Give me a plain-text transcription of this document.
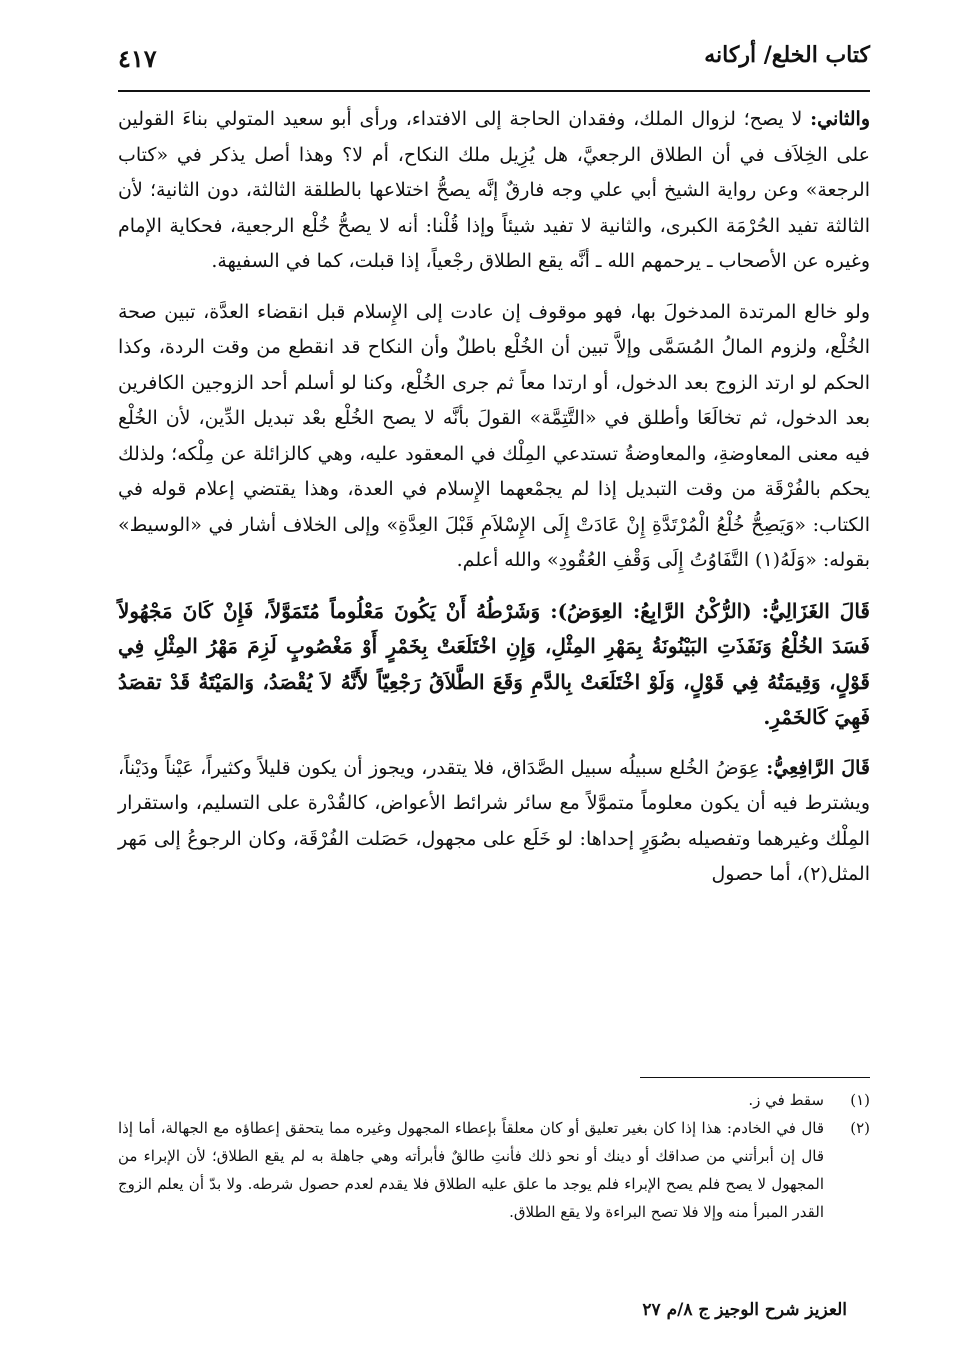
كتاب الخلع/ أركانه
٤١٧

والثاني: لا يصح؛ لزوال الملك، وفقدان الحاجة إلى الافتداء، ورأى أبو سعيد المتولي بناءَ القولين على الخِلاَف في أن الطلاق الرجعيَّ، هل يُزِيل ملك النكاح، أم لا؟ وهذا أصل يذكر في «كتاب الرجعة» وعن رواية الشيخ أبي علي وجه فارقٌ إنَّه يصحُّ اختلاعها بالطلقة الثالثة، دون الثانية؛ لأن الثالثة تفيد الحُرْمَة الكبرى، والثانية لا تفيد شيئاً وإذا قُلْنا: أنه لا يصحُّ خُلْع الرجعية، فحكاية الإمام وغيره عن الأصحاب ـ يرحمهم الله ـ أنَّه يقع الطلاق رجْعياً، إذا قبلت، كما في السفيهة.

ولو خالع المرتدة المدخولَ بها، فهو موقوف إن عادت إلى الإِسلام قبل انقضاء العدَّة، تبين صحة الخُلْع، ولزوم المالُ المُسَمَّى وإلاَّ تبين أن الخُلْع باطلٌ وأن النكاح قد انقطع من وقت الردة، وكذا الحكم لو ارتد الزوج بعد الدخول، أو ارتدا معاً ثم جرى الخُلْع، وكنا لو أسلم أحد الزوجين الكافرين بعد الدخول، ثم تخالَعَا وأطلق في «التَّتِمَّة» القولَ بأنَّه لا يصح الخُلْع بعْد تبديل الدِّين، لأن الخُلْع فيه معنى المعاوضةِ، والمعاوضةُ تستدعي المِلْك في المعقود عليه، وهي كالزائلة عن مِلْكه؛ ولذلك يحكم بالفُرْقَة من وقت التبديل إذا لم يجمْعهما الإِسلام في العدة، وهذا يقتضي إعلام قوله في الكتاب: «وَيَصِحُّ خُلْعُ الْمُرْتَدَّةِ إِنْ عَادَتْ إِلَى الإِسْلاَمِ قَبْلَ العِدَّةِ» وإلى الخلاف أشار في «الوسيط» بقوله: «وَلَهُ(١) التَّفَاوُتُ إِلَى وَقْفِ العُقُودِ» والله أعلم.

قَالَ الغَزَالِيُّ: (الرُّكْنُ الرَّابِعُ: العِوَضُ): وَشَرْطُهُ أَنْ يَكُونَ مَعْلُوماً مُتَمَوَّلاً، فَإِنْ كَانَ مَجْهُولاً فَسَدَ الخُلْعُ وَنَفَذَتِ البَيْنُونَةُ بِمَهْرِ المِثْلِ، وَإِنِ اخْتَلَعَتْ بِخَمْرٍ أَوْ مَغْصُوبٍ لَزِمَ مَهْرُ المِثْلِ فِي قَوْلٍ، وَقِيمَتُهُ فِي قَوْلٍ، وَلَوْ اخْتَلَعَتْ بِالدَّمِ وَقَعَ الطَّلاَقُ رَجْعِيّاً لأَنَّهُ لاَ يُقْصَدُ، وَالمَيْتَةُ قَدْ تقصَدُ فَهِيَ كَالخَمْرِ.

قَالَ الرَّافِعِيُّ: عِوَضُ الخُلع سبيلُه سبيل الصَّدَاق، فلا يتقدر، ويجوز أن يكون قليلاً وكثيراً، عَيْناً ودَيْناً، ويشترط فيه أن يكون معلوماً متموَّلاً مع سائر شرائط الأعواض، كالقُدْرة على التسليم، واستقرار المِلْك وغيرهما وتفصيله بصُوَرٍ إحداها: لو خَلَع على مجهول، حَصَلت الفُرْقَة، وكان الرجوعُ إلى مَهر المثل(٢)، أما حصول

(١)
سقط في ز.
(٢)
قال في الخادم: هذا إذا كان بغير تعليق أو كان معلقاً بإعطاء المجهول وغيره مما يتحقق إعطاؤه مع الجهالة، أما إذا قال إن أبرأتني من صداقك أو دينك أو نحو ذلك فأنتِ طالقٌ فأبرأته وهي جاهلة به لم يقع الطلاق؛ لأن الإبراء من المجهول لا يصح فلم يصح الإبراء فلم يوجد ما علق عليه الطلاق فلا يقدم لعدم حصول شرطه. ولا بدّ أن يعلم الزوج القدر المبرأ منه وإلا فلا تصح البراءة ولا يقع الطلاق.
العزيز شرح الوجيز ج ٨/م ٢٧
